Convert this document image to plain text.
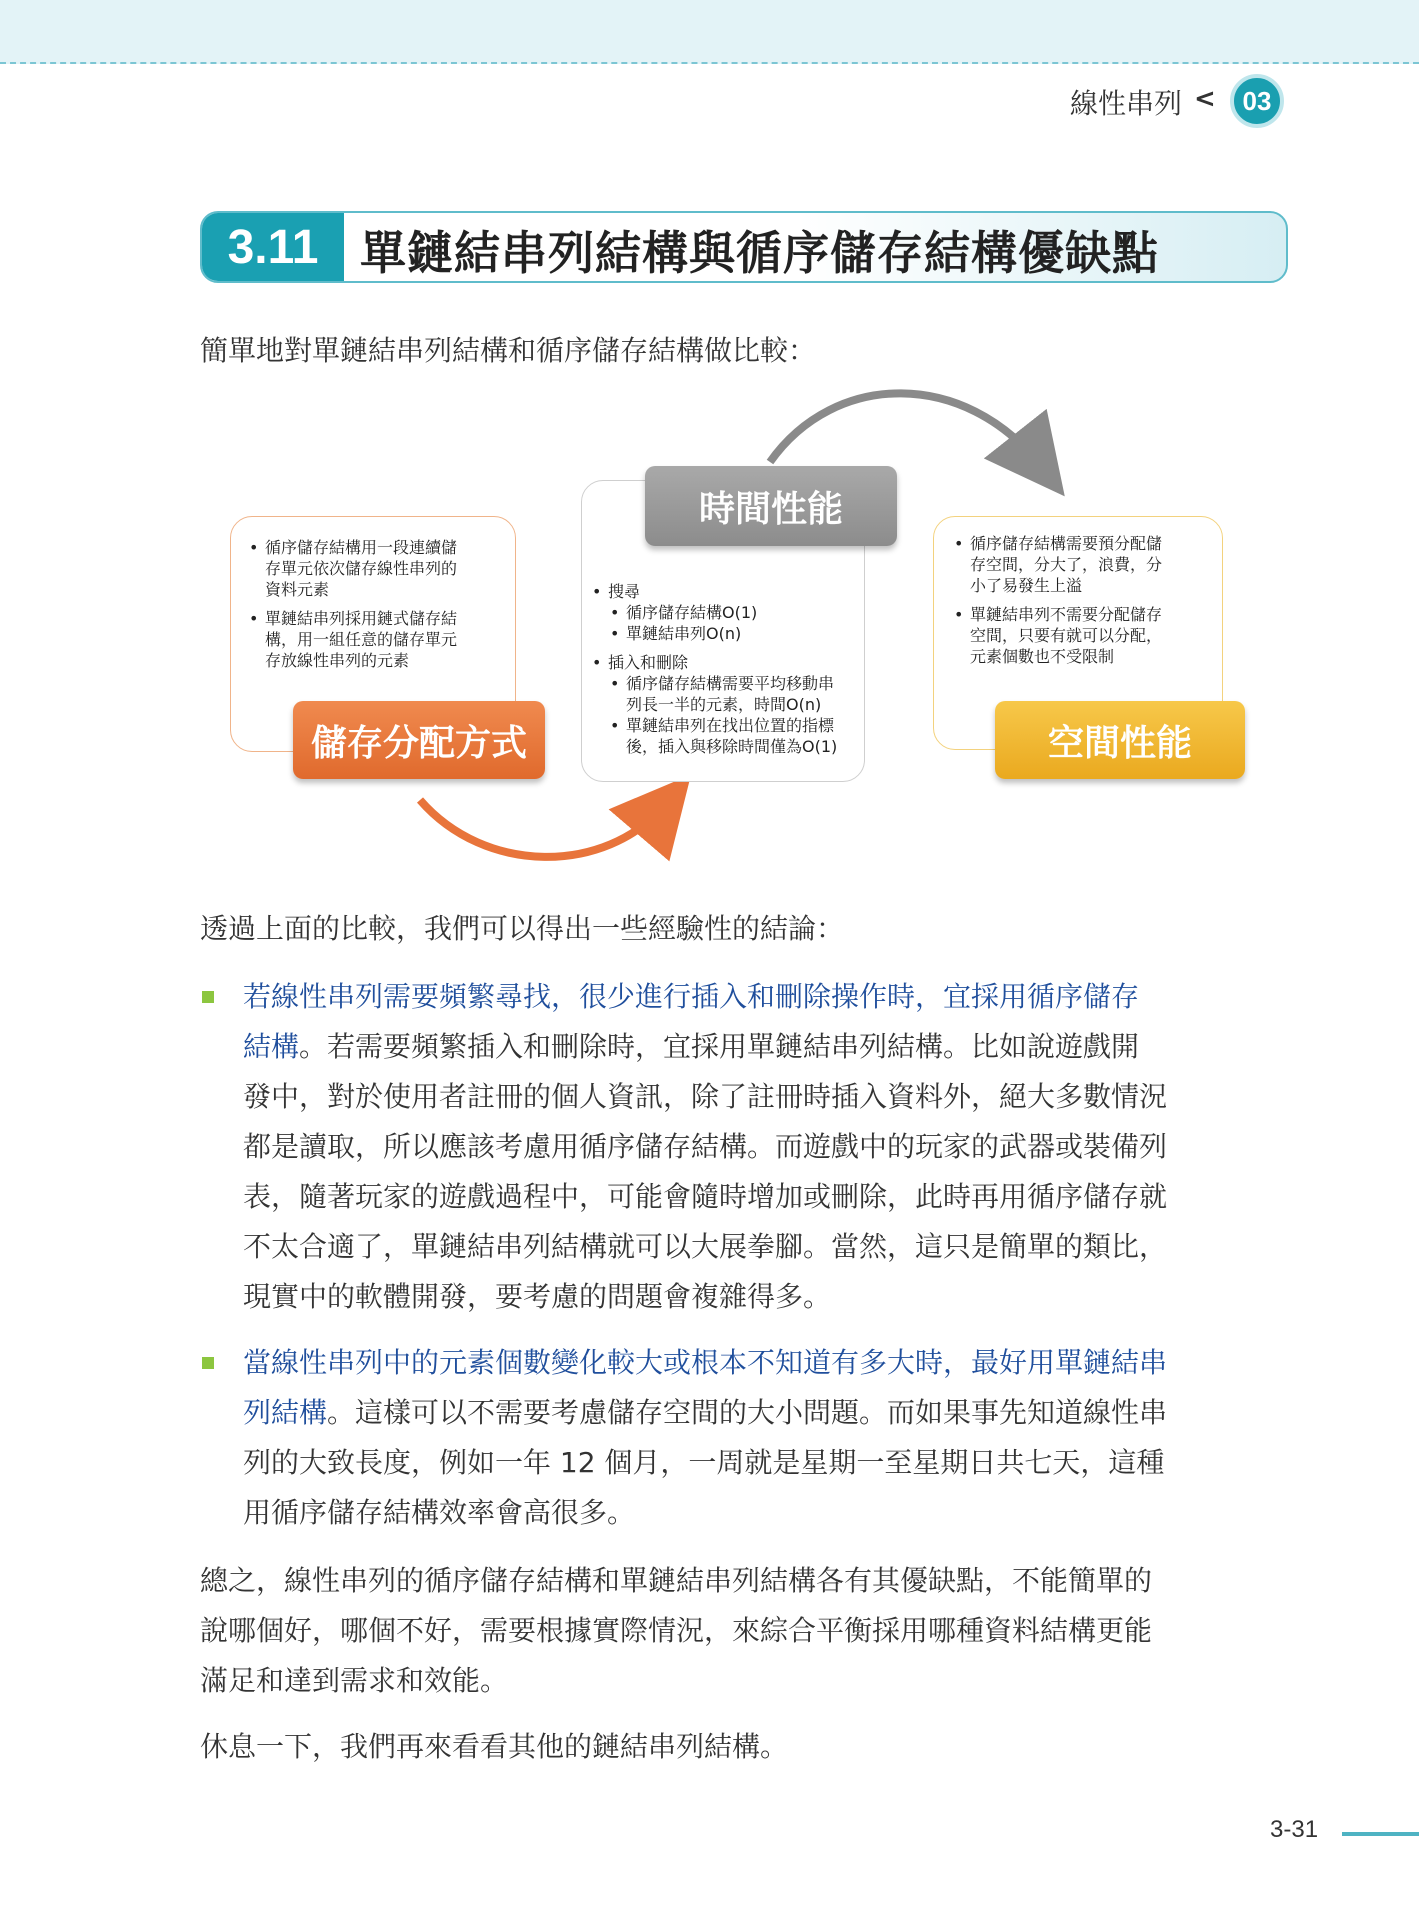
線性串列 <	03
3.11 單鏈結串列結構與循序儲存結構優缺點
簡單地對單鏈結串列結構和循序儲存結構做比較：
• 循序儲存結構用一段連續儲
存單元依次儲存線性串列的
資料元素
• 單鏈結串列採用鏈式儲存結
構，用一組任意的儲存單元
存放線性串列的元素
儲存分配方式
• 搜尋
• 循序儲存結構O(1)
• 單鏈結串列O(n)
• 插入和刪除
• 循序儲存結構需要平均移動串
列長一半的元素，時間O(n)
• 單鏈結串列在找出位置的指標
後，插入與移除時間僅為O(1)
時間性能
• 循序儲存結構需要預分配儲
存空間，分大了，浪費，分
小了易發生上溢
• 單鏈結串列不需要分配儲存
空間，只要有就可以分配，
元素個數也不受限制
空間性能
透過上面的比較，我們可以得出一些經驗性的結論：
若線性串列需要頻繁尋找，很少進行插入和刪除操作時，宜採用循序儲存
結構。若需要頻繁插入和刪除時，宜採用單鏈結串列結構。比如說遊戲開
發中，對於使用者註冊的個人資訊，除了註冊時插入資料外，絕大多數情況
都是讀取，所以應該考慮用循序儲存結構。而遊戲中的玩家的武器或裝備列
表，隨著玩家的遊戲過程中，可能會隨時增加或刪除，此時再用循序儲存就
不太合適了，單鏈結串列結構就可以大展拳腳。當然，這只是簡單的類比，
現實中的軟體開發，要考慮的問題會複雜得多。
當線性串列中的元素個數變化較大或根本不知道有多大時，最好用單鏈結串
列結構。這樣可以不需要考慮儲存空間的大小問題。而如果事先知道線性串
列的大致長度，例如一年 12 個月，一周就是星期一至星期日共七天，這種
用循序儲存結構效率會高很多。
總之，線性串列的循序儲存結構和單鏈結串列結構各有其優缺點，不能簡單的
說哪個好，哪個不好，需要根據實際情況，來綜合平衡採用哪種資料結構更能
滿足和達到需求和效能。
休息一下，我們再來看看其他的鏈結串列結構。
3-31
